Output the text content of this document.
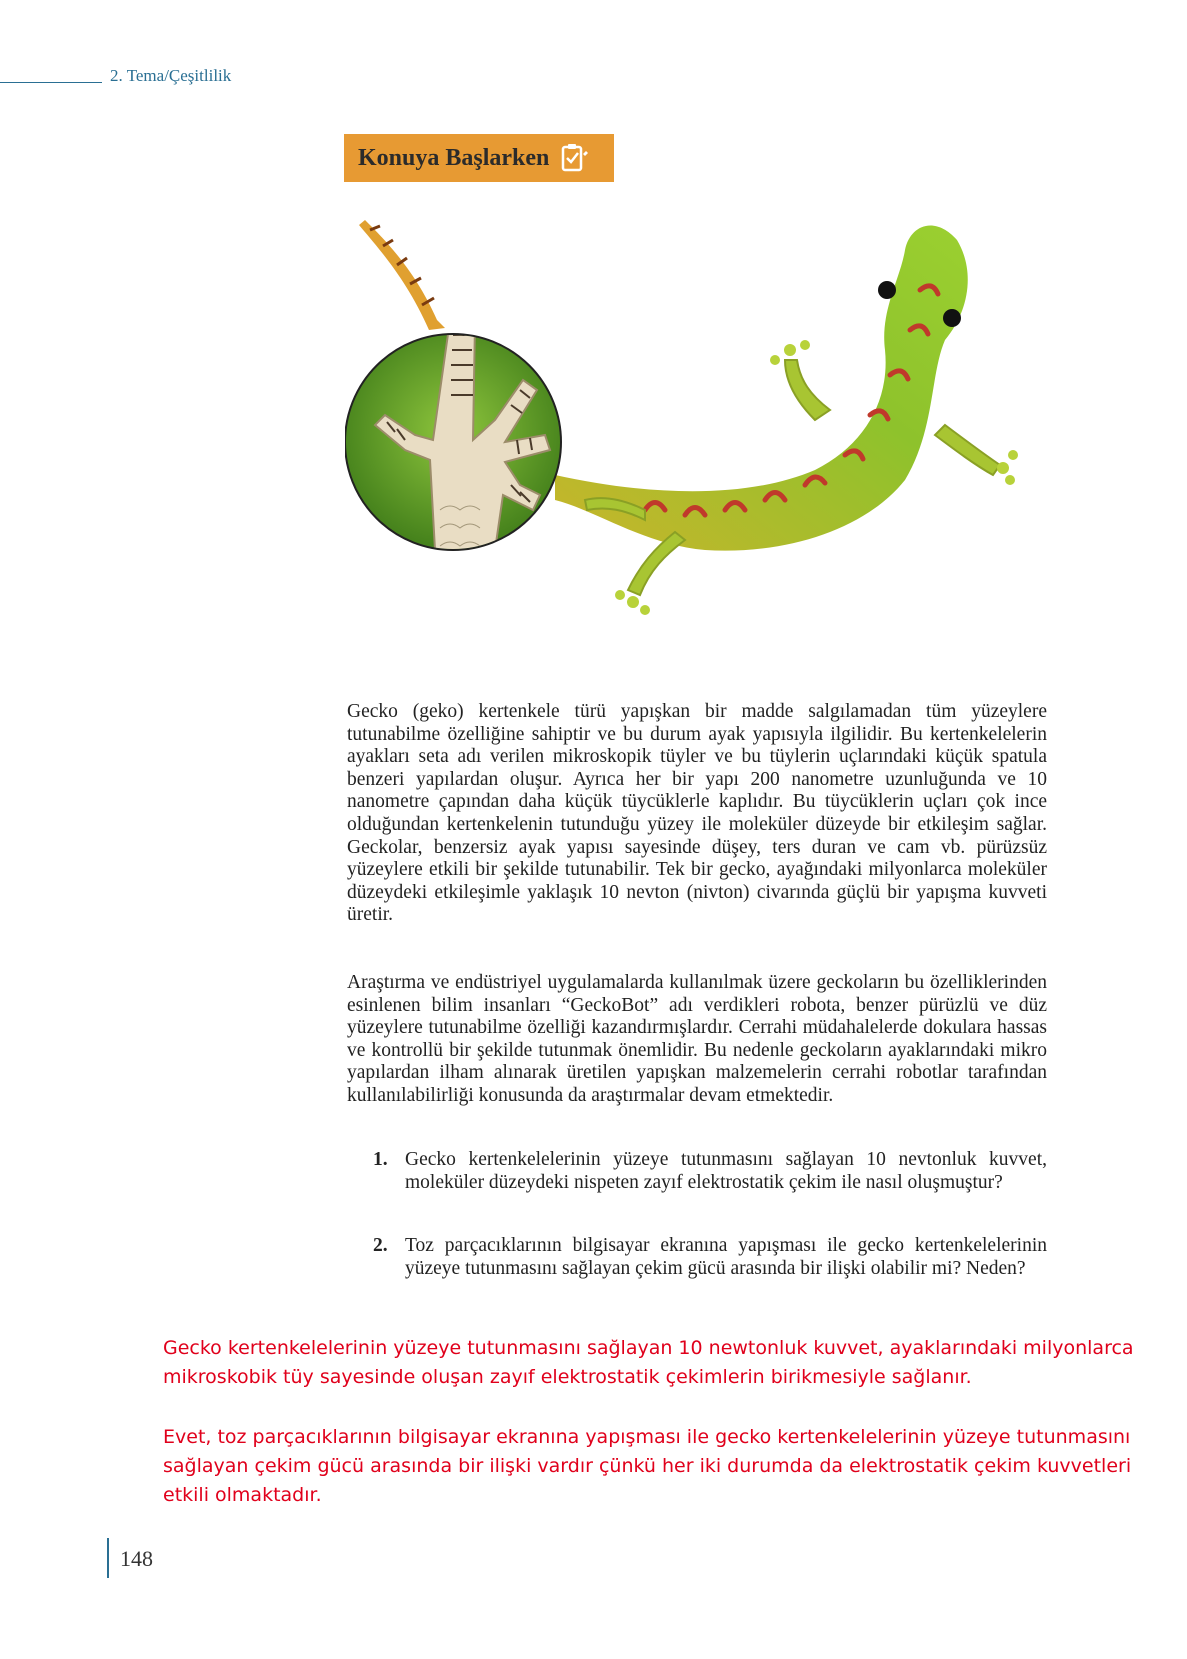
2. Tema/Çeşitlilik
Konuya Başlarken
Gecko (geko) kertenkele türü yapışkan bir madde salgılamadan tüm yüzeylere tutunabilme özelliğine sahiptir ve bu durum ayak yapısıyla ilgilidir. Bu kertenkelelerin ayakları seta adı verilen mikroskopik tüyler ve bu tüylerin uçlarındaki küçük spatula benzeri yapılardan oluşur. Ayrıca her bir yapı 200 nanometre uzunluğunda ve 10 nanometre çapından daha küçük tüycüklerle kaplıdır. Bu tüycüklerin uçları çok ince olduğundan kertenkelenin tutunduğu yüzey ile moleküler düzeyde bir etkileşim sağlar. Geckolar, benzersiz ayak yapısı sayesinde düşey, ters duran ve cam vb. pürüzsüz yüzeylere etkili bir şekilde tutunabilir. Tek bir gecko, ayağındaki milyonlarca moleküler düzeydeki etkileşimle yaklaşık 10 nevton (nivton) civarında güçlü bir yapışma kuvveti üretir.
Araştırma ve endüstriyel uygulamalarda kullanılmak üzere geckoların bu özelliklerinden esinlenen bilim insanları “GeckoBot” adı verdikleri robota, benzer pürüzlü ve düz yüzeylere tutunabilme özelliği kazandırmışlardır. Cerrahi müdahalelerde dokulara hassas ve kontrollü bir şekilde tutunmak önemlidir. Bu nedenle geckoların ayaklarındaki mikro yapılardan ilham alınarak üretilen yapışkan malzemelerin cerrahi robotlar tarafından kullanılabilirliği konusunda da araştırmalar devam etmektedir.
1. Gecko kertenkelelerinin yüzeye tutunmasını sağlayan 10 nevtonluk kuvvet, moleküler düzeydeki nispeten zayıf elektrostatik çekim ile nasıl oluşmuştur?
2. Toz parçacıklarının bilgisayar ekranına yapışması ile gecko kertenkelelerinin yüzeye tutunmasını sağlayan çekim gücü arasında bir ilişki olabilir mi? Neden?
Gecko kertenkelelerinin yüzeye tutunmasını sağlayan 10 newtonluk kuvvet, ayaklarındaki milyonlarca mikroskobik tüy sayesinde oluşan zayıf elektrostatik çekimlerin birikmesiyle sağlanır.
Evet, toz parçacıklarının bilgisayar ekranına yapışması ile gecko kertenkelelerinin yüzeye tutunmasını sağlayan çekim gücü arasında bir ilişki vardır çünkü her iki durumda da elektrostatik çekim kuvvetleri etkili olmaktadır.
148
